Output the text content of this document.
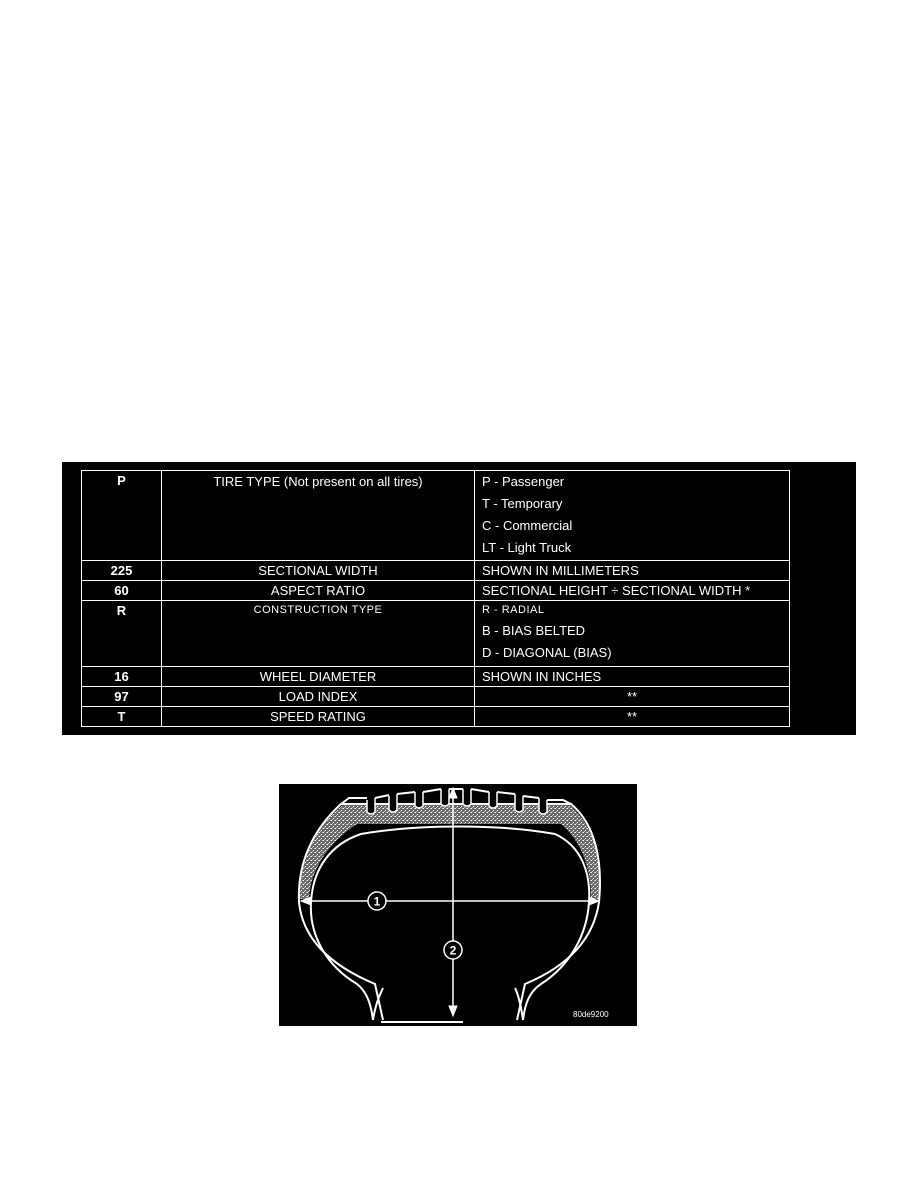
P	TIRE TYPE (Not present on all tires)	P - Passenger
T - Temporary
C - Commercial
LT - Light Truck

225	SECTIONAL WIDTH	SHOWN IN MILLIMETERS

60	ASPECT RATIO	SECTIONAL HEIGHT ÷ SECTIONAL WIDTH *

R	CONSTRUCTION TYPE	R - RADIAL
B - BIAS BELTED
D - DIAGONAL (BIAS)

16	WHEEL DIAMETER	SHOWN IN INCHES

97	LOAD INDEX	**

T	SPEED RATING	**
1
2
80de9200
